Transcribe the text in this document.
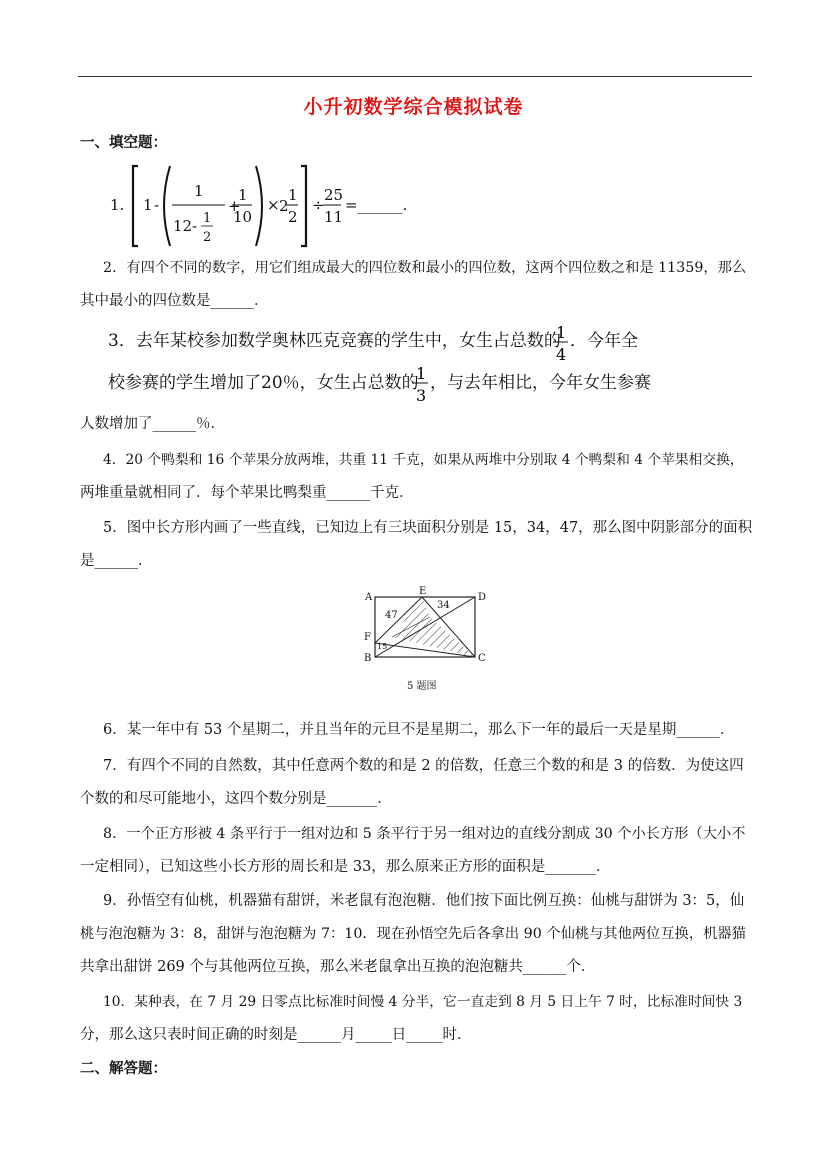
小升初数学综合模拟试卷
一、填空题：
1. 1 -
1
12 - 1
2
+
1
10
× 2
1
2
÷
25
11
=______.
2．有四个不同的数字，用它们组成最大的四位数和最小的四位数，这两个四位数之和是 11359，那么
其中最小的四位数是______．
3．去年某校参加数学奥林匹克竞赛的学生中，女生占总数的
1
4
．今年全
校参赛的学生增加了20％，女生占总数的
1
3
，与去年相比，今年女生参赛
人数增加了______％．
4．20 个鸭梨和 16 个苹果分放两堆，共重 11 千克，如果从两堆中分别取 4 个鸭梨和 4 个苹果相交换，
两堆重量就相同了．每个苹果比鸭梨重______千克．
5．图中长方形内画了一些直线，已知边上有三块面积分别是 15，34，47，那么图中阴影部分的面积
是______．
A
E
D
F
B	C
47
34
15
5 题图
6．某一年中有 53 个星期二，并且当年的元旦不是星期二，那么下一年的最后一天是星期______．
7．有四个不同的自然数，其中任意两个数的和是 2 的倍数，任意三个数的和是 3 的倍数．为使这四
个数的和尽可能地小，这四个数分别是_______．
8．一个正方形被 4 条平行于一组对边和 5 条平行于另一组对边的直线分割成 30 个小长方形（大小不
一定相同），已知这些小长方形的周长和是 33，那么原来正方形的面积是_______．
9．孙悟空有仙桃，机器猫有甜饼，米老鼠有泡泡糖．他们按下面比例互换：仙桃与甜饼为 3：5，仙
桃与泡泡糖为 3：8，甜饼与泡泡糖为 7：10．现在孙悟空先后各拿出 90 个仙桃与其他两位互换，机器猫
共拿出甜饼 269 个与其他两位互换，那么米老鼠拿出互换的泡泡糖共______个．
10．某种表，在 7 月 29 日零点比标准时间慢 4 分半，它一直走到 8 月 5 日上午 7 时，比标准时间快 3
分，那么这只表时间正确的时刻是______月_____日_____时．
二、解答题：
